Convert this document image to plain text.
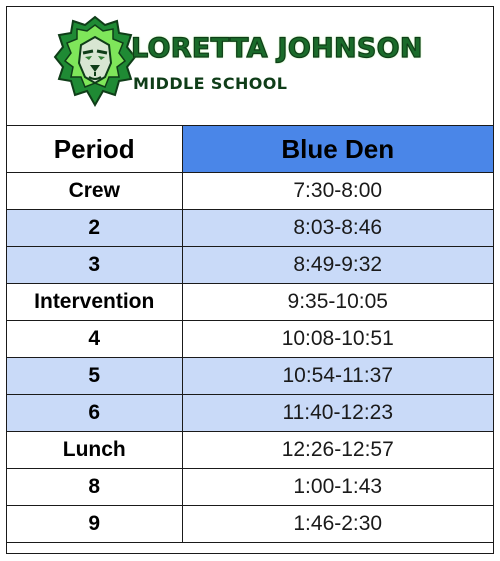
LORETTA JOHNSON
MIDDLE SCHOOL
Period	Blue Den
Crew	7:30-8:00
2	8:03-8:46
3	8:49-9:32
Intervention	9:35-10:05
4	10:08-10:51
5	10:54-11:37
6	11:40-12:23
Lunch	12:26-12:57
8	1:00-1:43
9	1:46-2:30
